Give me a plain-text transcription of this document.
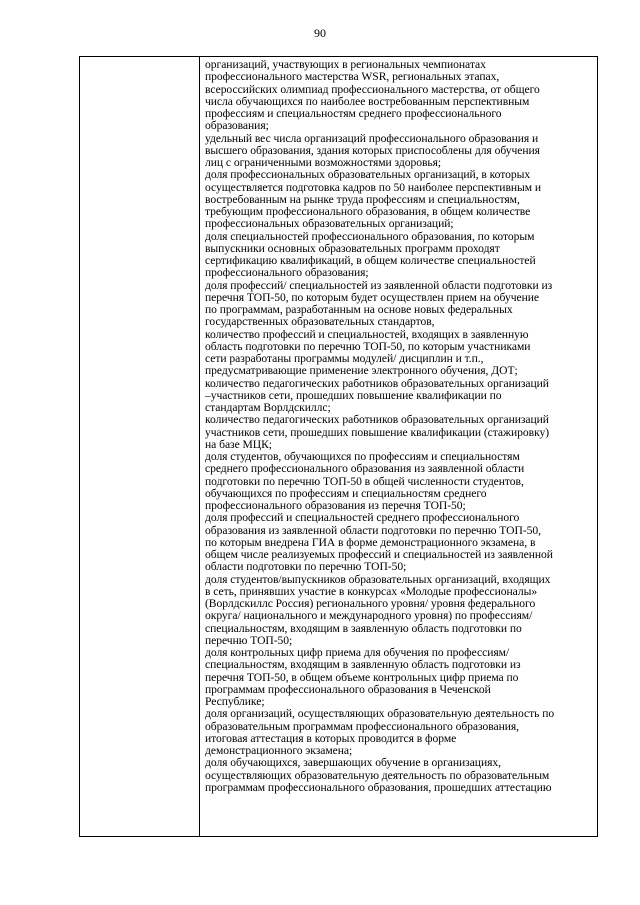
90
организаций, участвующих в региональных чемпионатах
профессионального мастерства WSR, региональных этапах,
всероссийских олимпиад профессионального мастерства, от общего
числа обучающихся по наиболее востребованным перспективным
профессиям и специальностям среднего профессионального
образования;
удельный вес числа организаций профессионального образования и
высшего образования, здания которых приспособлены для обучения
лиц с ограниченными возможностями здоровья;
доля профессиональных образовательных организаций, в которых
осуществляется подготовка кадров по 50 наиболее перспективным и
востребованным на рынке труда профессиям и специальностям,
требующим профессионального образования, в общем количестве
профессиональных образовательных организаций;
доля специальностей профессионального образования, по которым
выпускники основных образовательных программ проходят
сертификацию квалификаций, в общем количестве специальностей
профессионального образования;
доля профессий/ специальностей из заявленной области подготовки из
перечня ТОП-50, по которым будет осуществлен прием на обучение
по программам, разработанным на основе новых федеральных
государственных образовательных стандартов,
количество профессий и специальностей, входящих в заявленную
область подготовки по перечню ТОП-50, по которым участниками
сети разработаны программы модулей/ дисциплин и т.п.,
предусматривающие применение электронного обучения, ДОТ;
количество педагогических работников образовательных организаций
–участников сети, прошедших повышение квалификации по
стандартам Ворлдскиллс;
количество педагогических работников образовательных организаций
участников сети, прошедших повышение квалификации (стажировку)
на базе МЦК;
доля студентов, обучающихся по профессиям и специальностям
среднего профессионального образования из заявленной области
подготовки по перечню ТОП-50 в общей численности студентов,
обучающихся по профессиям и специальностям среднего
профессионального образования из перечня ТОП-50;
доля профессий и специальностей среднего профессионального
образования из заявленной области подготовки по перечню ТОП-50,
по которым внедрена ГИА в форме демонстрационного экзамена, в
общем числе реализуемых профессий и специальностей из заявленной
области подготовки по перечню ТОП-50;
доля студентов/выпускников образовательных организаций, входящих
в сеть, принявших участие в конкурсах «Молодые профессионалы»
(Ворлдскиллс Россия) регионального уровня/ уровня федерального
округа/ национального и международного уровня) по профессиям/
специальностям, входящим в заявленную область подготовки по
перечню ТОП-50;
доля контрольных цифр приема для обучения по профессиям/
специальностям, входящим в заявленную область подготовки из
перечня ТОП-50, в общем объеме контрольных цифр приема по
программам профессионального образования в Чеченской
Республике;
доля организаций, осуществляющих образовательную деятельность по
образовательным программам профессионального образования,
итоговая аттестация в которых проводится в форме
демонстрационного экзамена;
доля обучающихся, завершающих обучение в организациях,
осуществляющих образовательную деятельность по образовательным
программам профессионального образования, прошедших аттестацию
